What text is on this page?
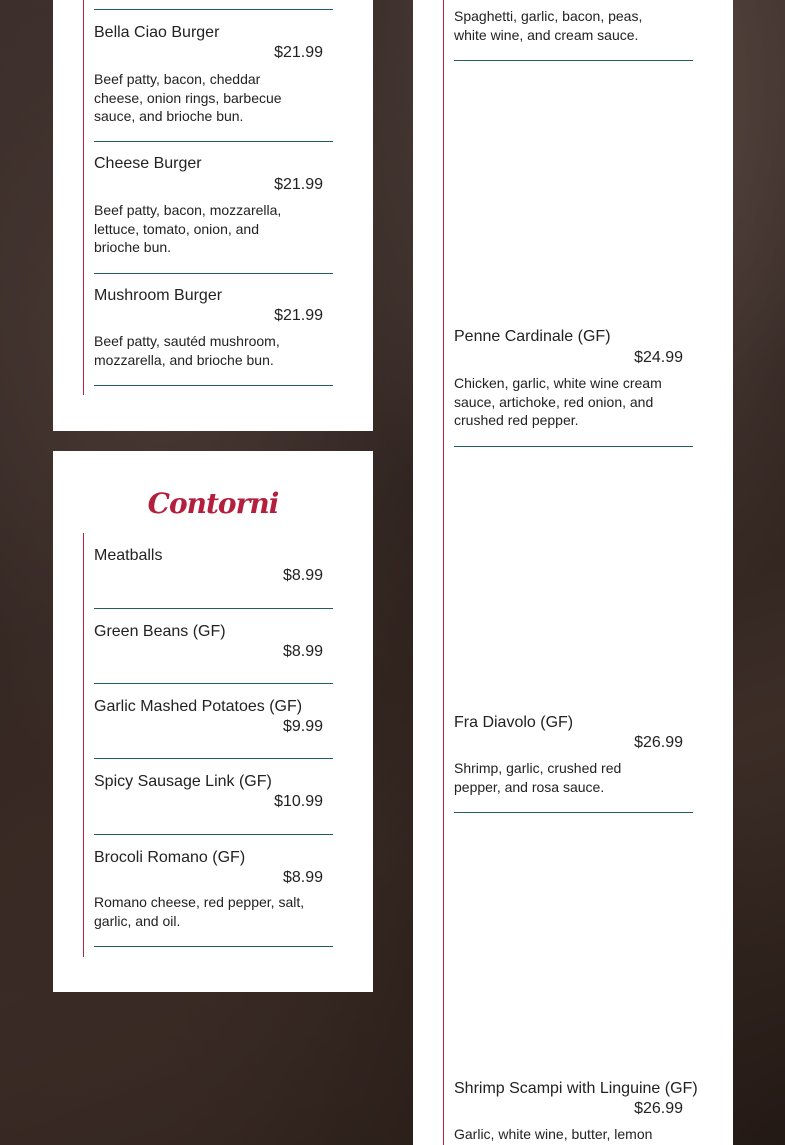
Bella Ciao Burger
$21.99
Beef patty, bacon, cheddar cheese, onion rings, barbecue sauce, and brioche bun.
Cheese Burger
$21.99
Beef patty, bacon, mozzarella, lettuce, tomato, onion, and brioche bun.
Mushroom Burger
$21.99
Beef patty, sautéd mushroom, mozzarella, and brioche bun.
Contorni
Meatballs
$8.99
Green Beans (GF)
$8.99
Garlic Mashed Potatoes (GF)
$9.99
Spicy Sausage Link (GF)
$10.99
Brocoli Romano (GF)
$8.99
Romano cheese, red pepper, salt, garlic, and oil.
Spaghetti, garlic, bacon, peas, white wine, and cream sauce.
Penne Cardinale (GF)
$24.99
Chicken, garlic, white wine cream sauce, artichoke, red onion, and crushed red pepper.
Fra Diavolo (GF)
$26.99
Shrimp, garlic, crushed red pepper, and rosa sauce.
Shrimp Scampi with Linguine (GF)
$26.99
Garlic, white wine, butter, lemon
